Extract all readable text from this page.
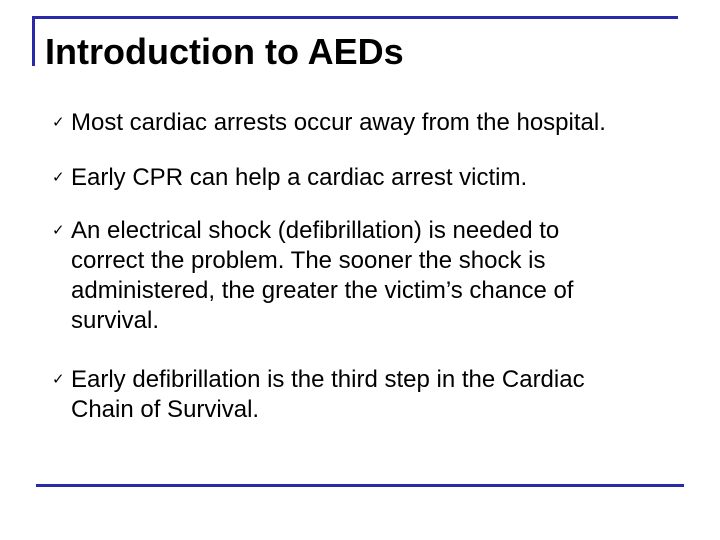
Introduction to AEDs
✓ Most cardiac arrests occur away from the hospital.
✓ Early CPR can help a cardiac arrest victim.
✓ An electrical shock (defibrillation) is needed to correct the problem. The sooner the shock is administered, the greater the victim’s chance of survival.
✓ Early defibrillation is the third step in the Cardiac Chain of Survival.
